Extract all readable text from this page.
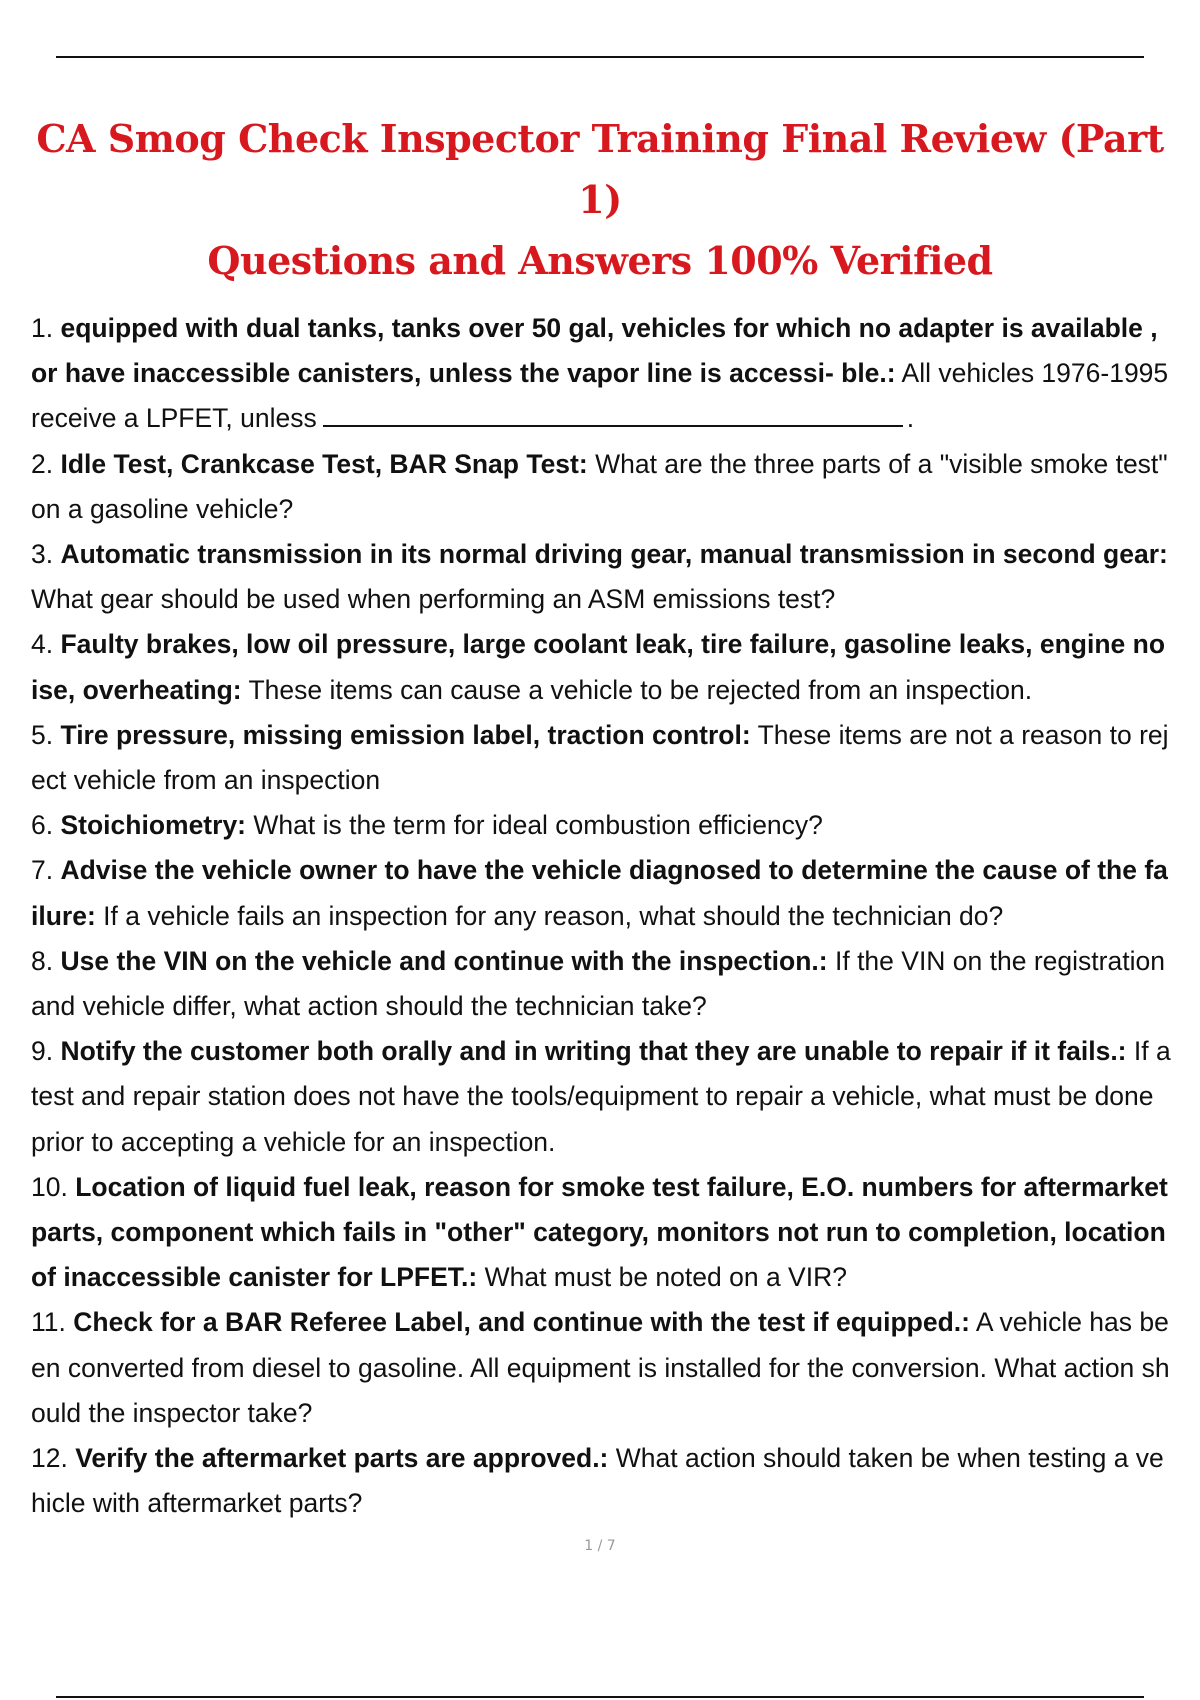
CA Smog Check Inspector Training Final Review (Part 1)
Questions and Answers 100% Verified
1. equipped with dual tanks, tanks over 50 gal, vehicles for which no adapter is available , or have inaccessible canisters, unless the vapor line is accessi- ble.: All vehicles 1976-1995 receive a LPFET, unless	.
2. Idle Test, Crankcase Test, BAR Snap Test: What are the three parts of a "visible smoke test" on a gasoline vehicle?
3. Automatic transmission in its normal driving gear, manual transmission in second gear: What gear should be used when performing an ASM emissions test?
4. Faulty brakes, low oil pressure, large coolant leak, tire failure, gasoline leaks, engine noise, overheating: These items can cause a vehicle to be rejected from an inspection.
5. Tire pressure, missing emission label, traction control: These items are not a reason to reject vehicle from an inspection
6. Stoichiometry: What is the term for ideal combustion efficiency?
7. Advise the vehicle owner to have the vehicle diagnosed to determine the cause of the failure: If a vehicle fails an inspection for any reason, what should the technician do?
8. Use the VIN on the vehicle and continue with the inspection.: If the VIN on the registration and vehicle differ, what action should the technician take?
9. Notify the customer both orally and in writing that they are unable to repair if it fails.: If a test and repair station does not have the tools/equipment to repair a vehicle, what must be done prior to accepting a vehicle for an inspection.
10. Location of liquid fuel leak, reason for smoke test failure, E.O. numbers for aftermarket parts, component which fails in "other" category, monitors not run to completion, location of inaccessible canister for LPFET.: What must be noted on a VIR?
11. Check for a BAR Referee Label, and continue with the test if equipped.: A vehicle has been converted from diesel to gasoline. All equipment is installed for the conversion. What action should the inspector take?
12. Verify the aftermarket parts are approved.: What action should taken be when testing a vehicle with aftermarket parts?
1 / 7
